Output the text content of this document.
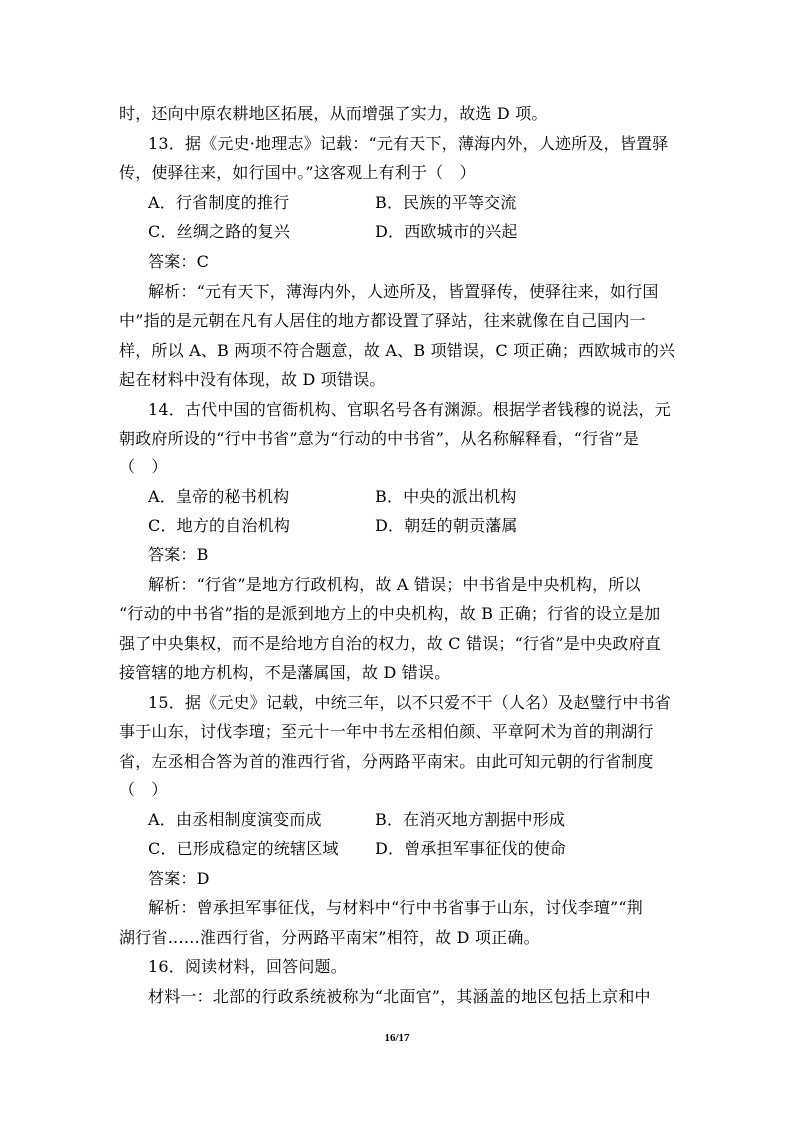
时，还向中原农耕地区拓展，从而增强了实力，故选 D 项。
13．据《元史·地理志》记载：“元有天下，薄海内外，人迹所及，皆置驿
传，使驿往来，如行国中。”这客观上有利于（　）
A．行省制度的推行	B．民族的平等交流
C．丝绸之路的复兴	D．西欧城市的兴起
答案：C
解析：“元有天下，薄海内外，人迹所及，皆置驿传，使驿往来，如行国
中”指的是元朝在凡有人居住的地方都设置了驿站，往来就像在自己国内一
样，所以 A、B 两项不符合题意，故 A、B 项错误，C 项正确；西欧城市的兴
起在材料中没有体现，故 D 项错误。
14．古代中国的官衙机构、官职名号各有渊源。根据学者钱穆的说法，元
朝政府所设的“行中书省”意为“行动的中书省”，从名称解释看，“行省”是
（　）
A．皇帝的秘书机构	B．中央的派出机构
C．地方的自治机构	D．朝廷的朝贡藩属
答案：B
解析：“行省”是地方行政机构，故 A 错误；中书省是中央机构，所以
“行动的中书省”指的是派到地方上的中央机构，故 B 正确；行省的设立是加
强了中央集权，而不是给地方自治的权力，故 C 错误；“行省”是中央政府直
接管辖的地方机构，不是藩属国，故 D 错误。
15．据《元史》记载，中统三年，以不只爱不干（人名）及赵璧行中书省
事于山东，讨伐李璮；至元十一年中书左丞相伯颜、平章阿术为首的荆湖行
省，左丞相合答为首的淮西行省，分两路平南宋。由此可知元朝的行省制度
（　）
A．由丞相制度演变而成	B．在消灭地方割据中形成
C．已形成稳定的统辖区域 D．曾承担军事征伐的使命
答案：D
解析：曾承担军事征伐，与材料中“行中书省事于山东，讨伐李璮”“荆
湖行省……淮西行省，分两路平南宋”相符，故 D 项正确。
16．阅读材料，回答问题。
材料一：北部的行政系统被称为“北面官”，其涵盖的地区包括上京和中
16/17
